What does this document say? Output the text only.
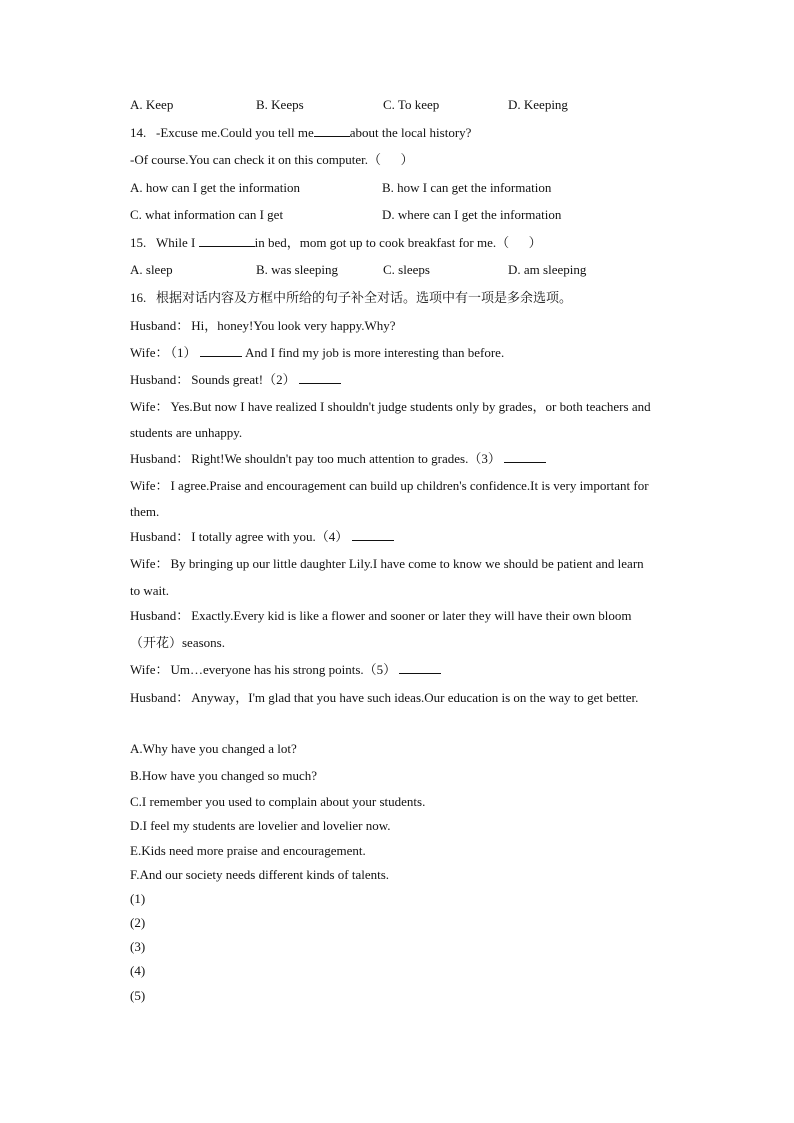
A. Keep	B. Keeps	C. To keep	D. Keeping
14.   -Excuse me.Could you tell me	about the local history?
-Of course.You can check it on this computer.（      ）
A. how can I get the information	B. how I can get the information
C. what information can I get	D. where can I get the information
15.   While I	in bed，mom got up to cook breakfast for me.（      ）
A. sleep	B. was sleeping	C. sleeps	D. am sleeping
16.   根据对话内容及方框中所给的句子补全对话。选项中有一项是多余选项。
Husband： Hi，honey!You look very happy.Why?
Wife： （1）	And I find my job is more interesting than before.
Husband： Sounds great!（2）
Wife： Yes.But now I have realized I shouldn't judge students only by grades，or both teachers and
students are unhappy.
Husband： Right!We shouldn't pay too much attention to grades.（3）
Wife： I agree.Praise and encouragement can build up children's confidence.It is very important for
them.
Husband： I totally agree with you.（4）
Wife： By bringing up our little daughter Lily.I have come to know we should be patient and learn
to wait.
Husband： Exactly.Every kid is like a flower and sooner or later they will have their own bloom
（开花）seasons.
Wife： Um…everyone has his strong points.（5）
Husband： Anyway，I'm glad that you have such ideas.Our education is on the way to get better.
A.Why have you changed a lot?
B.How have you changed so much?
C.I remember you used to complain about your students.
D.I feel my students are lovelier and lovelier now.
E.Kids need more praise and encouragement.
F.And our society needs different kinds of talents.
(1)
(2)
(3)
(4)
(5)
